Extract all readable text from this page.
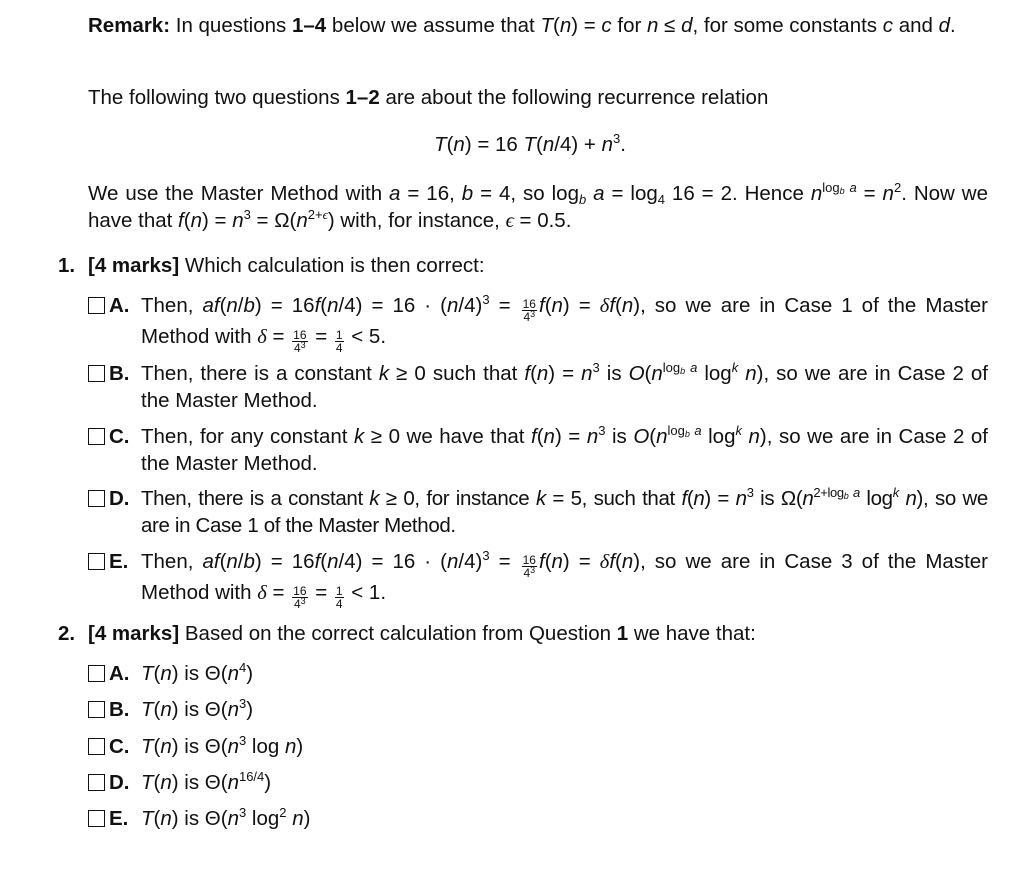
Remark: In questions 1–4 below we assume that T(n) = c for n ≤ d, for some constants c and d.
The following two questions 1–2 are about the following recurrence relation
T(n) = 16 $T(n/4) + n^3$.
We use the Master Method with a = 16, b = 4, so $\log_b a = \log_4 16 = 2$. Hence $n^{log_b a} = n^2$. Now we have that $f(n) = n^3 = \Omega(n^{2+\epsilon})$ with, for instance, ϵ = 0.5.
1. [4 marks] Which calculation is then correct:
A. Then, $af(n/b) = 16f(n/4) = 16 \cdot (n/4)^3 = \frac{16}{4^3} f(n) = \delta f(n)$, so we are in Case 1 of the Master Method with $\delta = \frac{16}{4^3} = \frac{1}{4} < 5$.
B. Then, there is a constant k ≥ 0 such that $f(n) = n^3$ is $O(n^{log_b a}$ $\log^k n$), so we are in Case 2 of the Master Method.
C. Then, for any constant k ≥ 0 we have that $f(n) = n^3$ is $O(n^{log_b a}$ $\log^k n$), so we are in Case 2 of the Master Method.
D. Then, there is a constant k ≥ 0, for instance k = 5, such that $f(n) = n^3$ is $\Omega(n^{2+log_b a}$ $\log^k n$), so we are in Case 1 of the Master Method.
E. Then, $af(n/b) = 16f(n/4) = 16 \cdot (n/4)^3 = \frac{16}{4^3} f(n) = \delta f(n)$, so we are in Case 3 of the Master Method with $\delta = \frac{16}{4^3} = \frac{1}{4} < 1$.
2. [4 marks] Based on the correct calculation from Question 1 we have that:
A. T(n) is $\Theta(n^4)$
B. T(n) is $\Theta(n^3)$
C. T(n) is $\Theta(n^3$ log n)
D. T(n) is $\Theta(n^{16/4})$
E. T(n) is $\Theta(n^3$ $\log^2 n$)
